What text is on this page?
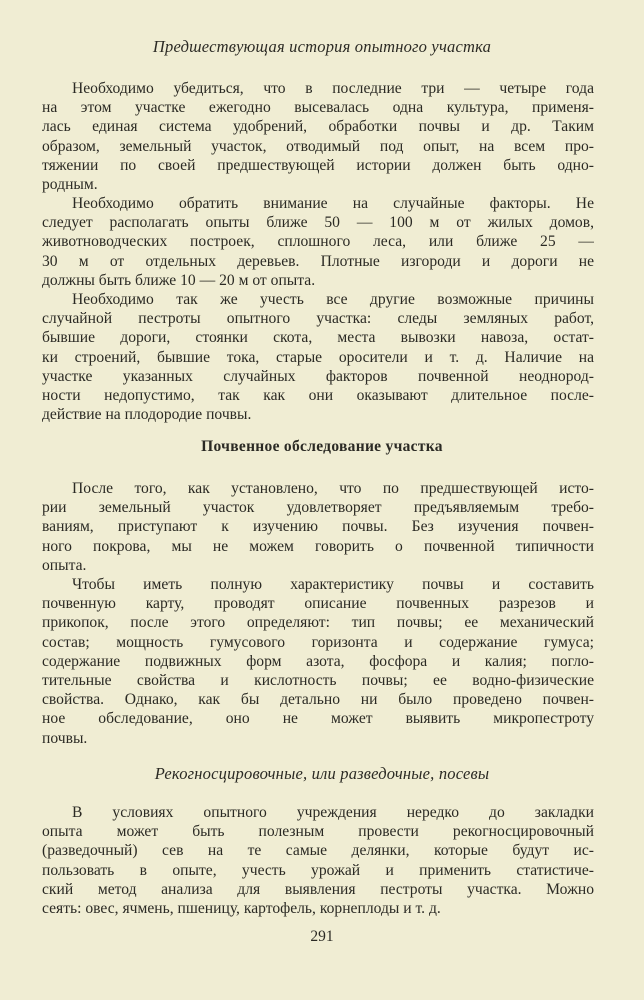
Предшествующая история опытного участка
Необходимо убедиться, что в последние три — четыре года
на этом участке ежегодно высевалась одна культура, применя-
лась единая система удобрений, обработки почвы и др. Таким
образом, земельный участок, отводимый под опыт, на всем про-
тяжении по своей предшествующей истории должен быть одно-
родным.
Необходимо обратить внимание на случайные факторы. Не
следует располагать опыты ближе 50 — 100 м от жилых домов,
животноводческих построек, сплошного леса, или ближе 25 —
30 м от отдельных деревьев. Плотные изгороди и дороги не
должны быть ближе 10 — 20 м от опыта.
Необходимо так же учесть все другие возможные причины
случайной пестроты опытного участка: следы земляных работ,
бывшие дороги, стоянки скота, места вывозки навоза, остат-
ки строений, бывшие тока, старые оросители и т. д. Наличие на
участке указанных случайных факторов почвенной неоднород-
ности недопустимо, так как они оказывают длительное после-
действие на плодородие почвы.
Почвенное обследование участка
После того, как установлено, что по предшествующей исто-
рии земельный участок удовлетворяет предъявляемым требо-
ваниям, приступают к изучению почвы. Без изучения почвен-
ного покрова, мы не можем говорить о почвенной типичности
опыта.
Чтобы иметь полную характеристику почвы и составить
почвенную карту, проводят описание почвенных разрезов и
прикопок, после этого определяют: тип почвы; ее механический
состав; мощность гумусового горизонта и содержание гумуса;
содержание подвижных форм азота, фосфора и калия; погло-
тительные свойства и кислотность почвы; ее водно-физические
свойства. Однако, как бы детально ни было проведено почвен-
ное обследование, оно не может выявить микропестроту
почвы.
Рекогносцировочные, или разведочные, посевы
В условиях опытного учреждения нередко до закладки
опыта может быть полезным провести рекогносцировочный
(разведочный) сев на те самые делянки, которые будут ис-
пользовать в опыте, учесть урожай и применить статистиче-
ский метод анализа для выявления пестроты участка. Можно
сеять: овес, ячмень, пшеницу, картофель, корнеплоды и т. д.
291
